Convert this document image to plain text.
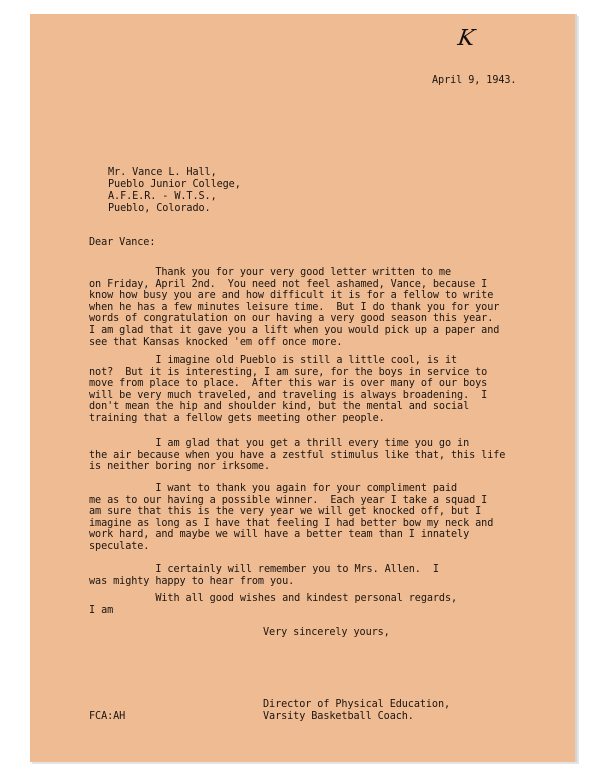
K
April 9, 1943.
Mr. Vance L. Hall,
Pueblo Junior College,
A.F.E.R. - W.T.S.,
Pueblo, Colorado.
Dear Vance:
Thank you for your very good letter written to me
on Friday, April 2nd.  You need not feel ashamed, Vance, because I
know how busy you are and how difficult it is for a fellow to write
when he has a few minutes leisure time.  But I do thank you for your
words of congratulation on our having a very good season this year.
I am glad that it gave you a lift when you would pick up a paper and
see that Kansas knocked 'em off once more.
I imagine old Pueblo is still a little cool, is it
not?  But it is interesting, I am sure, for the boys in service to
move from place to place.  After this war is over many of our boys
will be very much traveled, and traveling is always broadening.  I
don't mean the hip and shoulder kind, but the mental and social
training that a fellow gets meeting other people.
I am glad that you get a thrill every time you go in
the air because when you have a zestful stimulus like that, this life
is neither boring nor irksome.
I want to thank you again for your compliment paid
me as to our having a possible winner.  Each year I take a squad I
am sure that this is the very year we will get knocked off, but I
imagine as long as I have that feeling I had better bow my neck and
work hard, and maybe we will have a better team than I innately
speculate.
I certainly will remember you to Mrs. Allen.  I
was mighty happy to hear from you.
With all good wishes and kindest personal regards,
I am
Very sincerely yours,
Director of Physical Education,
Varsity Basketball Coach.
FCA:AH
